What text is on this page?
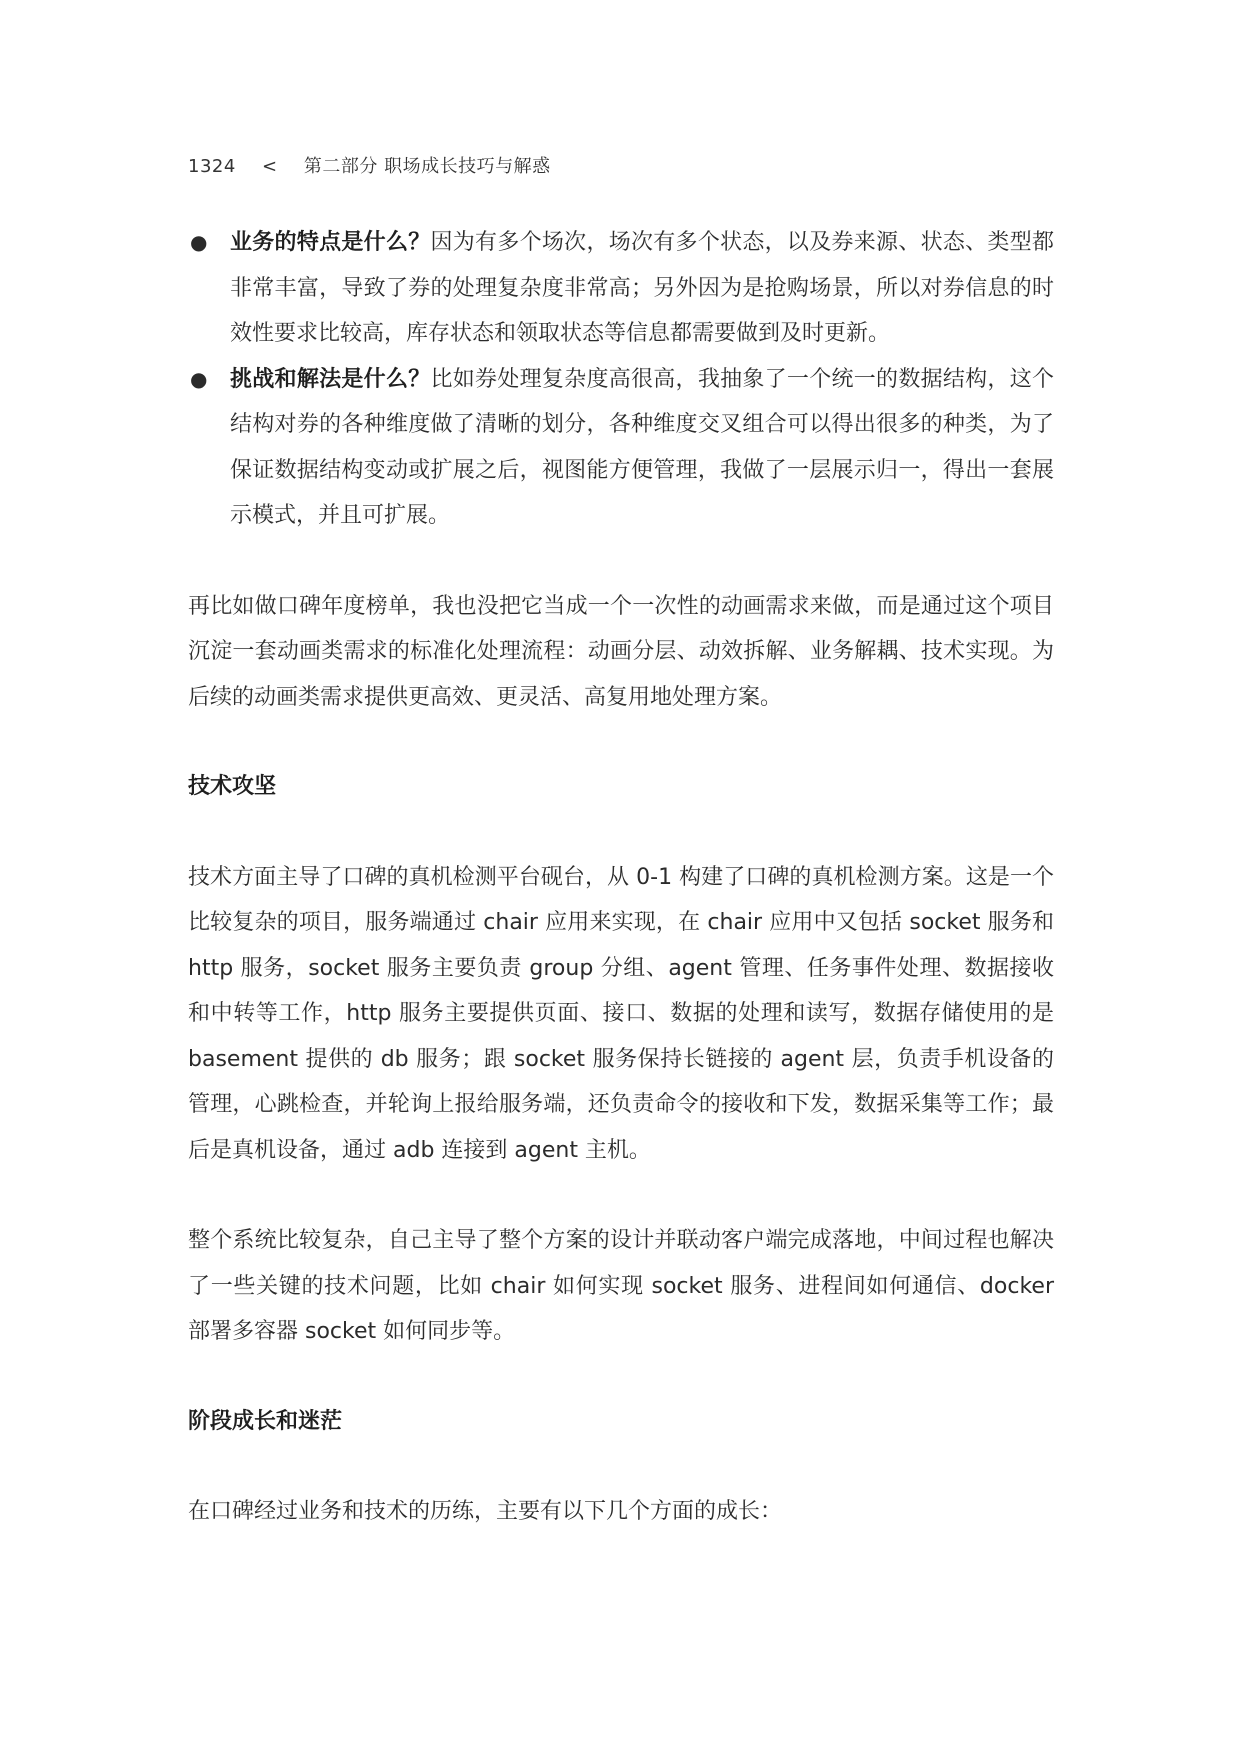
1324 < 第二部分 职场成长技巧与解惑
● 业务的特点是什么？因为有多个场次，场次有多个状态，以及券来源、状态、类型都非常丰富，导致了券的处理复杂度非常高；另外因为是抢购场景，所以对券信息的时效性要求比较高，库存状态和领取状态等信息都需要做到及时更新。
● 挑战和解法是什么？比如券处理复杂度高很高，我抽象了一个统一的数据结构，这个结构对券的各种维度做了清晰的划分，各种维度交叉组合可以得出很多的种类，为了保证数据结构变动或扩展之后，视图能方便管理，我做了一层展示归一，得出一套展示模式，并且可扩展。

再比如做口碑年度榜单，我也没把它当成一个一次性的动画需求来做，而是通过这个项目沉淀一套动画类需求的标准化处理流程：动画分层、动效拆解、业务解耦、技术实现。为后续的动画类需求提供更高效、更灵活、高复用地处理方案。

技术攻坚

技术方面主导了口碑的真机检测平台砚台，从 0-1 构建了口碑的真机检测方案。这是一个比较复杂的项目，服务端通过 chair 应用来实现，在 chair 应用中又包括 socket 服务和 http 服务，socket 服务主要负责 group 分组、agent 管理、任务事件处理、数据接收和中转等工作，http 服务主要提供页面、接口、数据的处理和读写，数据存储使用的是 basement 提供的 db 服务；跟 socket 服务保持长链接的 agent 层，负责手机设备的管理，心跳检查，并轮询上报给服务端，还负责命令的接收和下发，数据采集等工作；最后是真机设备，通过 adb 连接到 agent 主机。

整个系统比较复杂，自己主导了整个方案的设计并联动客户端完成落地，中间过程也解决了一些关键的技术问题，比如 chair 如何实现 socket 服务、进程间如何通信、docker 部署多容器 socket 如何同步等。

阶段成长和迷茫

在口碑经过业务和技术的历练，主要有以下几个方面的成长：
